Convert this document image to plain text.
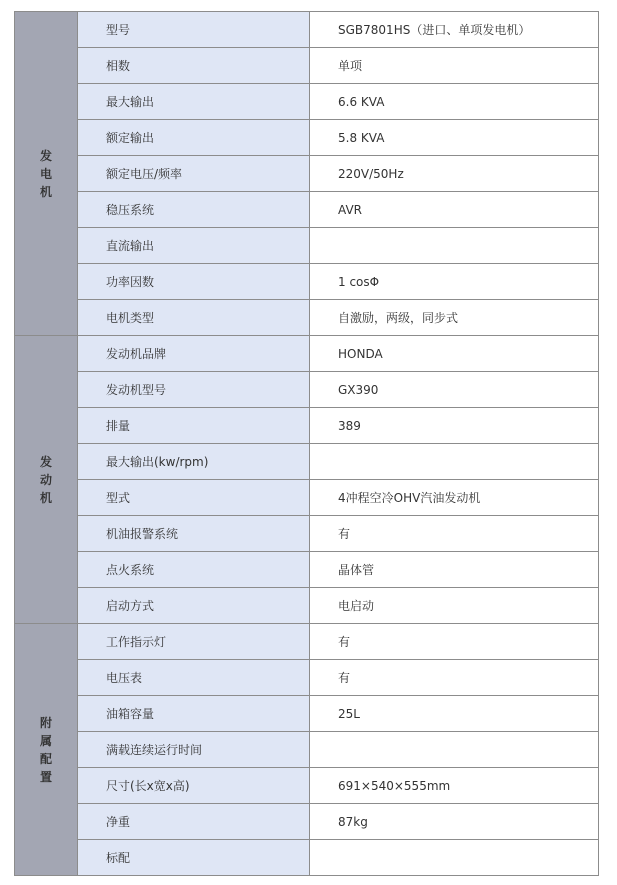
发
电
机	型号	SGB7801HS（进口、单项发电机）
	相数	单项
	最大输出	6.6 KVA
	额定输出	5.8 KVA
	额定电压/频率	220V/50Hz
	稳压系统	AVR
	直流输出	
	功率因数	1 cosΦ
	电机类型	自激励，两级，同步式

发
动
机	发动机品牌	HONDA
	发动机型号	GX390
	排量	389
	最大输出(kw/rpm)	
	型式	4冲程空冷OHV汽油发动机
	机油报警系统	有
	点火系统	晶体管
	启动方式	电启动

附
属
配
置	工作指示灯	有
	电压表	有
	油箱容量	25L
	满载连续运行时间	
	尺寸(长x宽x高)	691×540×555mm
	净重	87kg
	标配	
